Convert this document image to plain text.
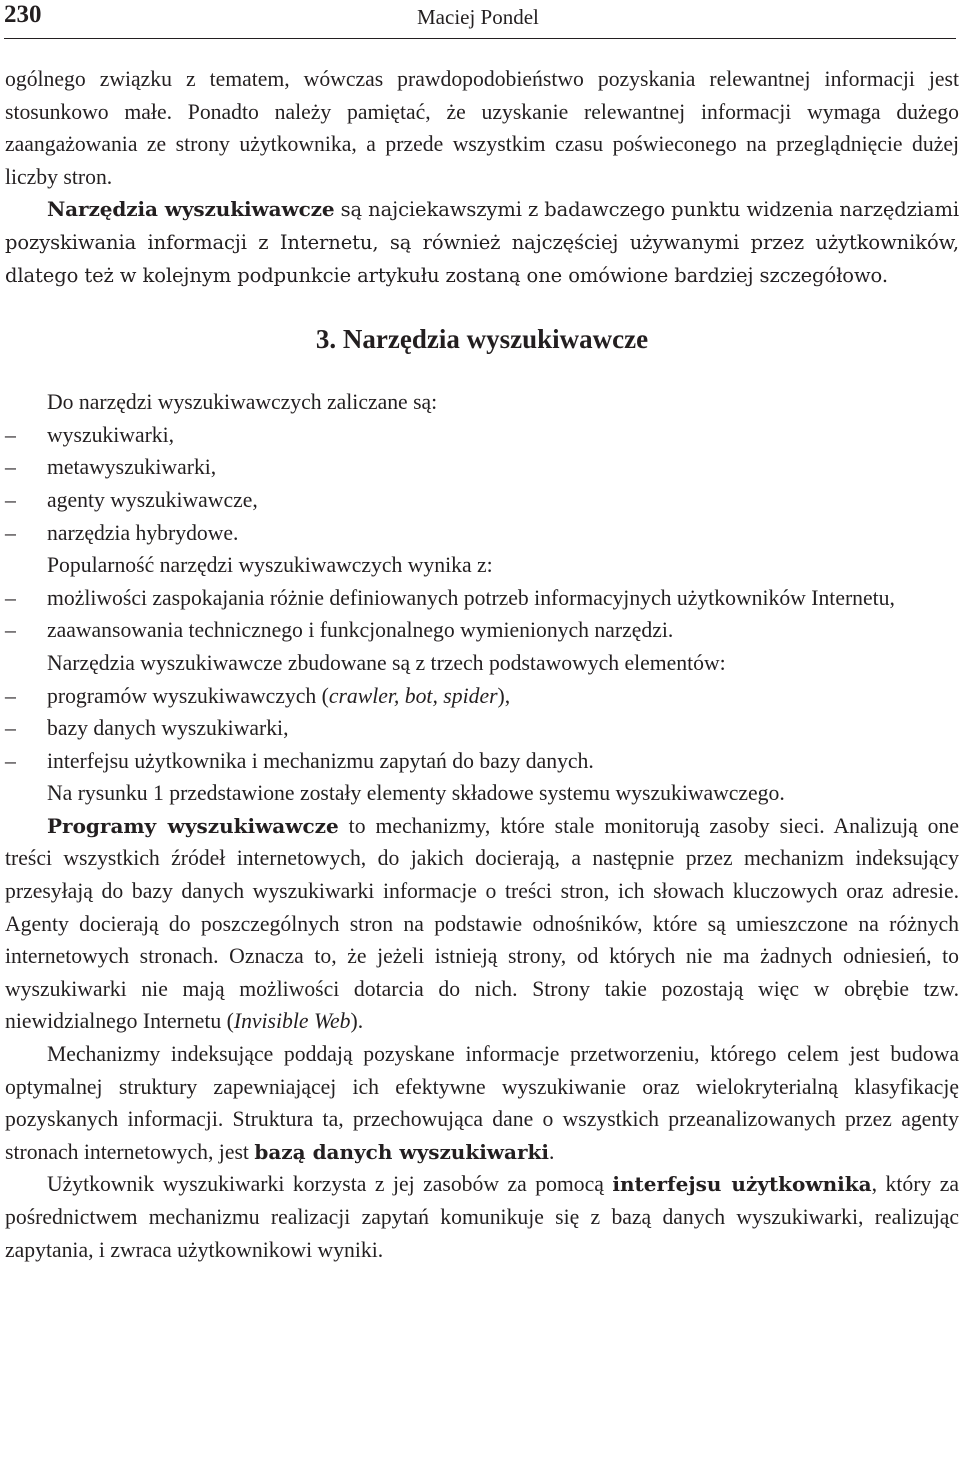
230	Maciej Pondel

ogólnego związku z tematem, wówczas prawdopodobieństwo pozyskania relewantnej informacji jest stosunkowo małe. Ponadto należy pamiętać, że uzyskanie relewantnej informacji wymaga dużego zaangażowania ze strony użytkownika, a przede wszystkim czasu poświeconego na przeglądnięcie dużej liczby stron.

Narzędzia wyszukiwawcze są najciekawszymi z badawczego punktu widzenia narzędziami pozyskiwania informacji z Internetu, są również najczęściej używanymi przez użytkowników, dlatego też w kolejnym podpunkcie artykułu zostaną one omówione bardziej szczegółowo.

3. Narzędzia wyszukiwawcze

Do narzędzi wyszukiwawczych zaliczane są:

– wyszukiwarki,
– metawyszukiwarki,
– agenty wyszukiwawcze,
– narzędzia hybrydowe.

Popularność narzędzi wyszukiwawczych wynika z:

– możliwości zaspokajania różnie definiowanych potrzeb informacyjnych użytkowników Internetu,
– zaawansowania technicznego i funkcjonalnego wymienionych narzędzi.

Narzędzia wyszukiwawcze zbudowane są z trzech podstawowych elementów:

– programów wyszukiwawczych (crawler, bot, spider),
– bazy danych wyszukiwarki,
– interfejsu użytkownika i mechanizmu zapytań do bazy danych.

Na rysunku 1 przedstawione zostały elementy składowe systemu wyszukiwawczego.

Programy wyszukiwawcze to mechanizmy, które stale monitorują zasoby sieci. Analizują one treści wszystkich źródeł internetowych, do jakich docierają, a następnie przez mechanizm indeksujący przesyłają do bazy danych wyszukiwarki informacje o treści stron, ich słowach kluczowych oraz adresie. Agenty docierają do poszczególnych stron na podstawie odnośników, które są umieszczone na różnych internetowych stronach. Oznacza to, że jeżeli istnieją strony, od których nie ma żadnych odniesień, to wyszukiwarki nie mają możliwości dotarcia do nich. Strony takie pozostają więc w obrębie tzw. niewidzialnego Internetu (Invisible Web).

Mechanizmy indeksujące poddają pozyskane informacje przetworzeniu, którego celem jest budowa optymalnej struktury zapewniającej ich efektywne wyszukiwanie oraz wielokryterialną klasyfikację pozyskanych informacji. Struktura ta, przechowująca dane o wszystkich przeanalizowanych przez agenty stronach internetowych, jest bazą danych wyszukiwarki.

Użytkownik wyszukiwarki korzysta z jej zasobów za pomocą interfejsu użytkownika, który za pośrednictwem mechanizmu realizacji zapytań komunikuje się z bazą danych wyszukiwarki, realizując zapytania, i zwraca użytkownikowi wyniki.
